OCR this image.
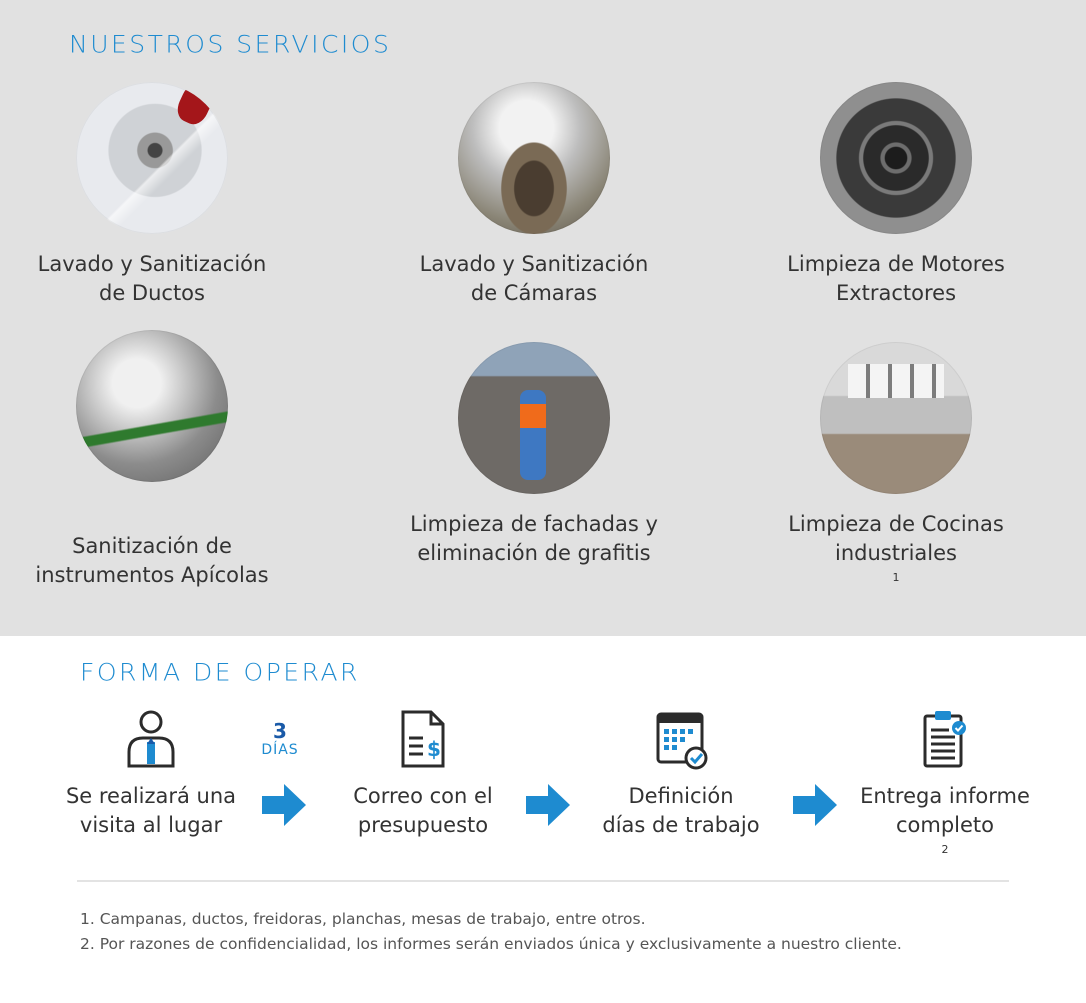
NUESTROS SERVICIOS
Lavado y Sanitización
de Ductos
Lavado y Sanitización
de Cámaras
Limpieza de Motores
Extractores
Sanitización de
instrumentos Apícolas
Limpieza de fachadas y
eliminación de grafitis
Limpieza de Cocinas
industriales
$^1$
FORMA DE OPERAR
Se realizará una
visita al lugar
3
DÍAS	$
Correo con el
presupuesto
Definición
días de trabajo
Entrega informe
completo
$^2$
1. Campanas, ductos, freidoras, planchas, mesas de trabajo, entre otros.
2. Por razones de confidencialidad, los informes serán enviados única y exclusivamente a nuestro cliente.
